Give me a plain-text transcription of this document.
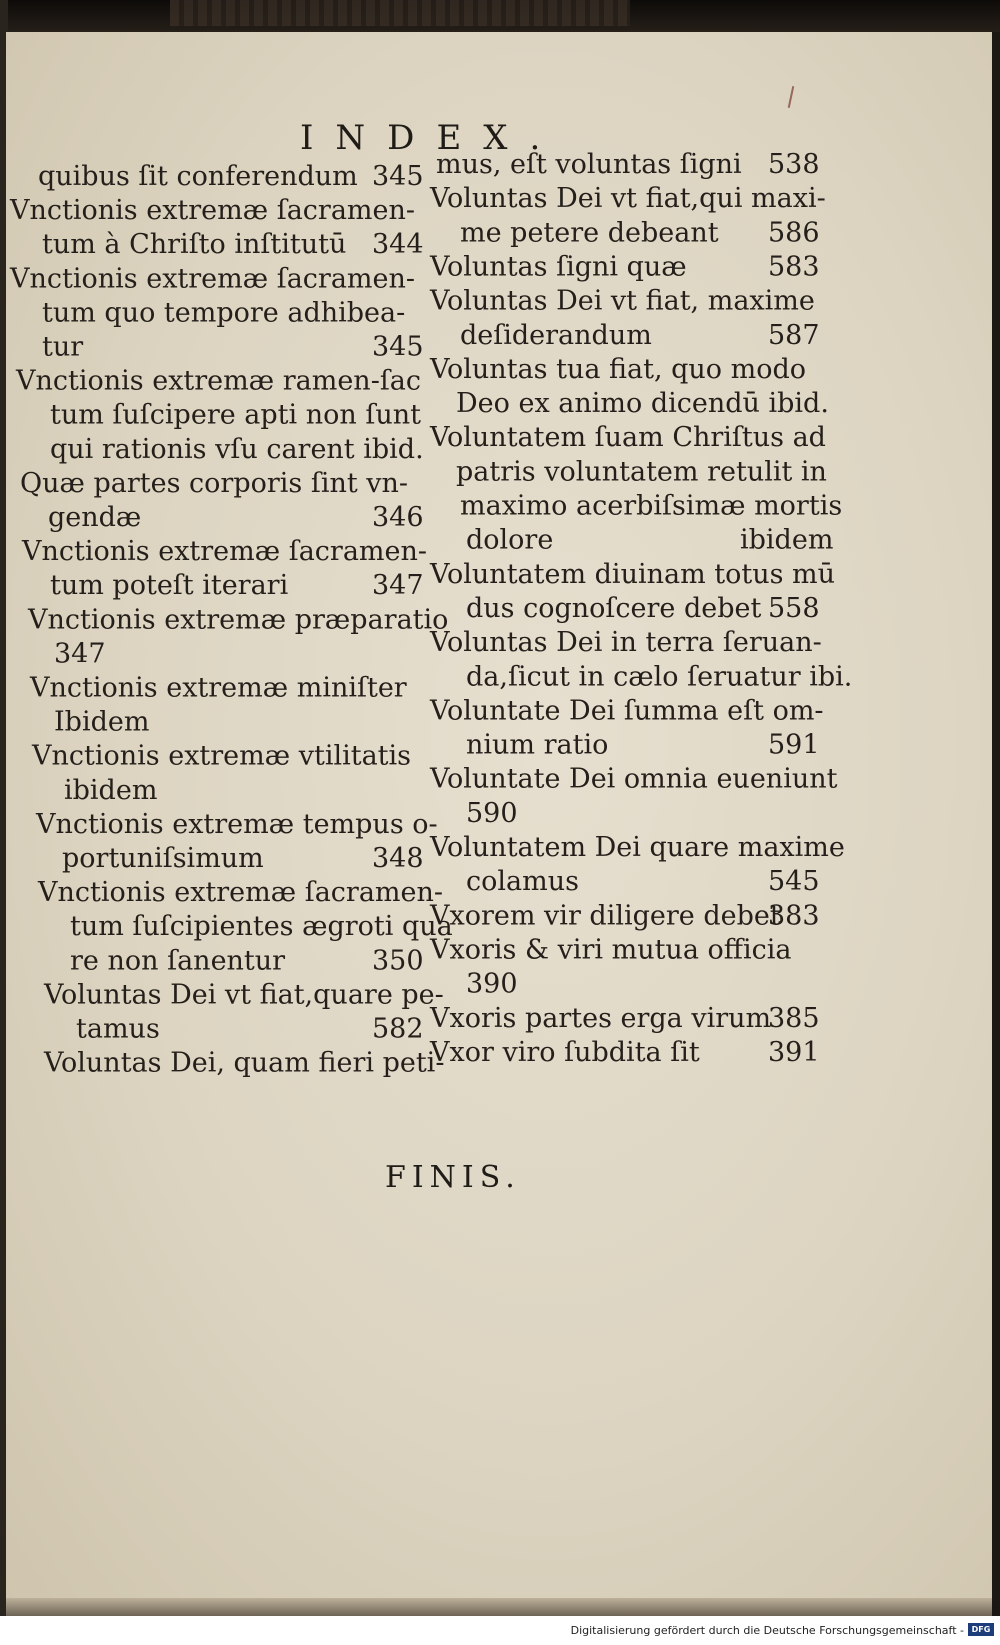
INDEX.
quibus ſit conferendum 345
Vnctionis extremæ ſacramen-
tum à Chriſto inſtitutū 344
Vnctionis extremæ ſacramen-
tum quo tempore adhibea-
tur	345
Vnctionis extremæ ramen-ſac
tum ſuſcipere apti non ſunt
qui rationis vſu carent ibid.
Quæ partes corporis ſint vn-
gendæ	346
Vnctionis extremæ ſacramen-
tum poteſt iterari	347
Vnctionis extremæ præparatio
347
Vnctionis extremæ miniſter
Ibidem
Vnctionis extremæ vtilitatis
ibidem
Vnctionis extremæ tempus o-
portuniſsimum	348
Vnctionis extremæ ſacramen-
tum ſuſcipientes ægroti qua
re non ſanentur	350
Voluntas Dei vt fiat,quare pe-
tamus	582
Voluntas Dei, quam fieri peti-
mus, eſt voluntas ſigni 538
Voluntas Dei vt fiat,qui maxi-
me petere debeant 586
Voluntas ſigni quæ	583
Voluntas Dei vt fiat, maxime
deſiderandum	587
Voluntas tua fiat, quo modo
Deo ex animo dicendū ibid.
Voluntatem ſuam Chriſtus ad
patris voluntatem retulit in
maximo acerbiſsimæ mortis
dolore	ibidem
Voluntatem diuinam totus mū
dus cognoſcere debet 558
Voluntas Dei in terra ſeruan-
da,ſicut in cælo ſeruatur ibi.
Voluntate Dei ſumma eſt om-
nium ratio	591
Voluntate Dei omnia eueniunt
590
Voluntatem Dei quare maxime
colamus	545
Vxorem vir diligere debet
383
Vxoris & viri mutua officia
390
Vxoris partes erga virum
385
Vxor viro ſubdita ſit	391
FINIS.
Digitalisierung gefördert durch die Deutsche Forschungsgemeinschaft - DFG
